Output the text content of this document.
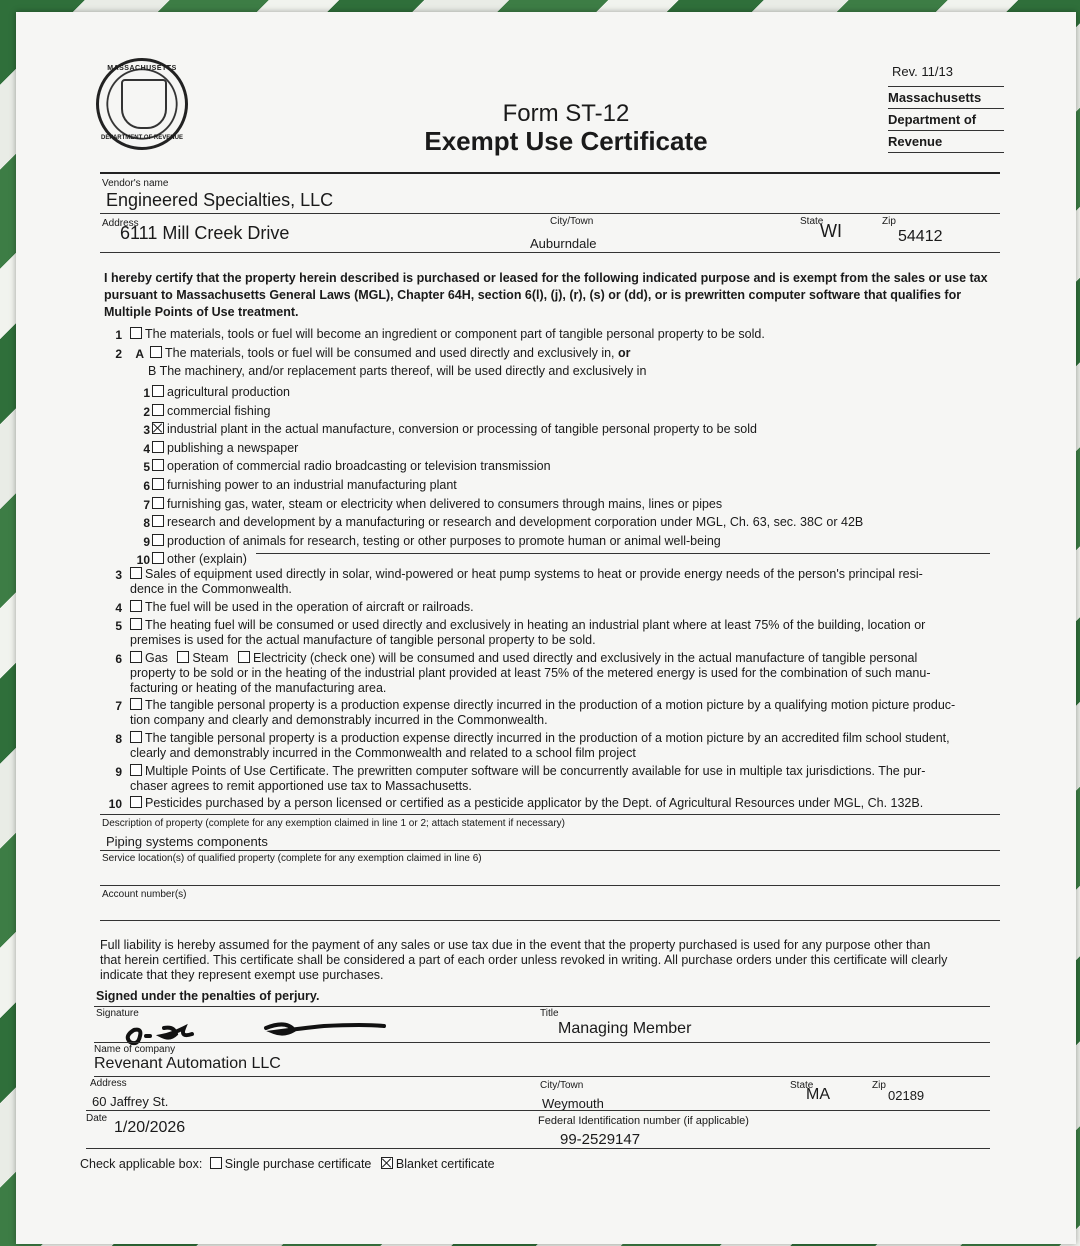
MASSACHUSETTS
DEPARTMENT OF REVENUE
Form ST-12
Exempt Use Certificate
Rev. 11/13
Massachusetts
Department of
Revenue
Vendor's name
Engineered Specialties, LLC
Address
6111 Mill Creek Drive
City/Town
Auburndale
State
WI	Zip
54412
I hereby certify that the property herein described is purchased or leased for the following indicated purpose and is exempt from the sales or use tax pursuant to Massachusetts General Laws (MGL), Chapter 64H, section 6(l), (j), (r), (s) or (dd), or is prewritten computer software that qualifies for Multiple Points of Use treatment.
1	The materials, tools or fuel will become an ingredient or component part of tangible personal property to be sold.
2	A	The materials, tools or fuel will be consumed and used directly and exclusively in, or
B The machinery, and/or replacement parts thereof, will be used directly and exclusively in
3	Sales of equipment used directly in solar, wind-powered or heat pump systems to heat or provide energy needs of the person's principal resi-
dence in the Commonwealth.
4	The fuel will be used in the operation of aircraft or railroads.
5	The heating fuel will be consumed or used directly and exclusively in heating an industrial plant where at least 75% of the building, location or
premises is used for the actual manufacture of tangible personal property to be sold.
6	Gas Steam Electricity (check one) will be consumed and used directly and exclusively in the actual manufacture of tangible personal
property to be sold or in the heating of the industrial plant provided at least 75% of the metered energy is used for the combination of such manu-
facturing or heating of the manufacturing area.
7	The tangible personal property is a production expense directly incurred in the production of a motion picture by a qualifying motion picture produc-
tion company and clearly and demonstrably incurred in the Commonwealth.
8	The tangible personal property is a production expense directly incurred in the production of a motion picture by an accredited film school student,
clearly and demonstrably incurred in the Commonwealth and related to a school film project
9	Multiple Points of Use Certificate. The prewritten computer software will be concurrently available for use in multiple tax jurisdictions. The pur-
chaser agrees to remit apportioned use tax to Massachusetts.
10	Pesticides purchased by a person licensed or certified as a pesticide applicator by the Dept. of Agricultural Resources under MGL, Ch. 132B.
Description of property (complete for any exemption claimed in line 1 or 2; attach statement if necessary)
Piping systems components
Service location(s) of qualified property (complete for any exemption claimed in line 6)
Account number(s)
Full liability is hereby assumed for the payment of any sales or use tax due in the event that the property purchased is used for any purpose other than
that herein certified. This certificate shall be considered a part of each order unless revoked in writing. All purchase orders under this certificate will clearly
indicate that they represent exempt use purchases.
Signed under the penalties of perjury.
Signature	Title
Managing Member
Name of company
Revenant Automation LLC
Address
60 Jaffrey St.
City/Town
Weymouth
State
MA
Zip
02189
Date
1/20/2026	Federal Identification number (if applicable)
99-2529147
Check applicable box: Single purchase certificate Blanket certificate
1	agricultural production
2	commercial fishing
3	industrial plant in the actual manufacture, conversion or processing of tangible personal property to be sold
4	publishing a newspaper
5	operation of commercial radio broadcasting or television transmission
6	furnishing power to an industrial manufacturing plant
7	furnishing gas, water, steam or electricity when delivered to consumers through mains, lines or pipes
8	research and development by a manufacturing or research and development corporation under MGL, Ch. 63, sec. 38C or 42B
9	production of animals for research, testing or other purposes to promote human or animal well-being
10	other (explain)
